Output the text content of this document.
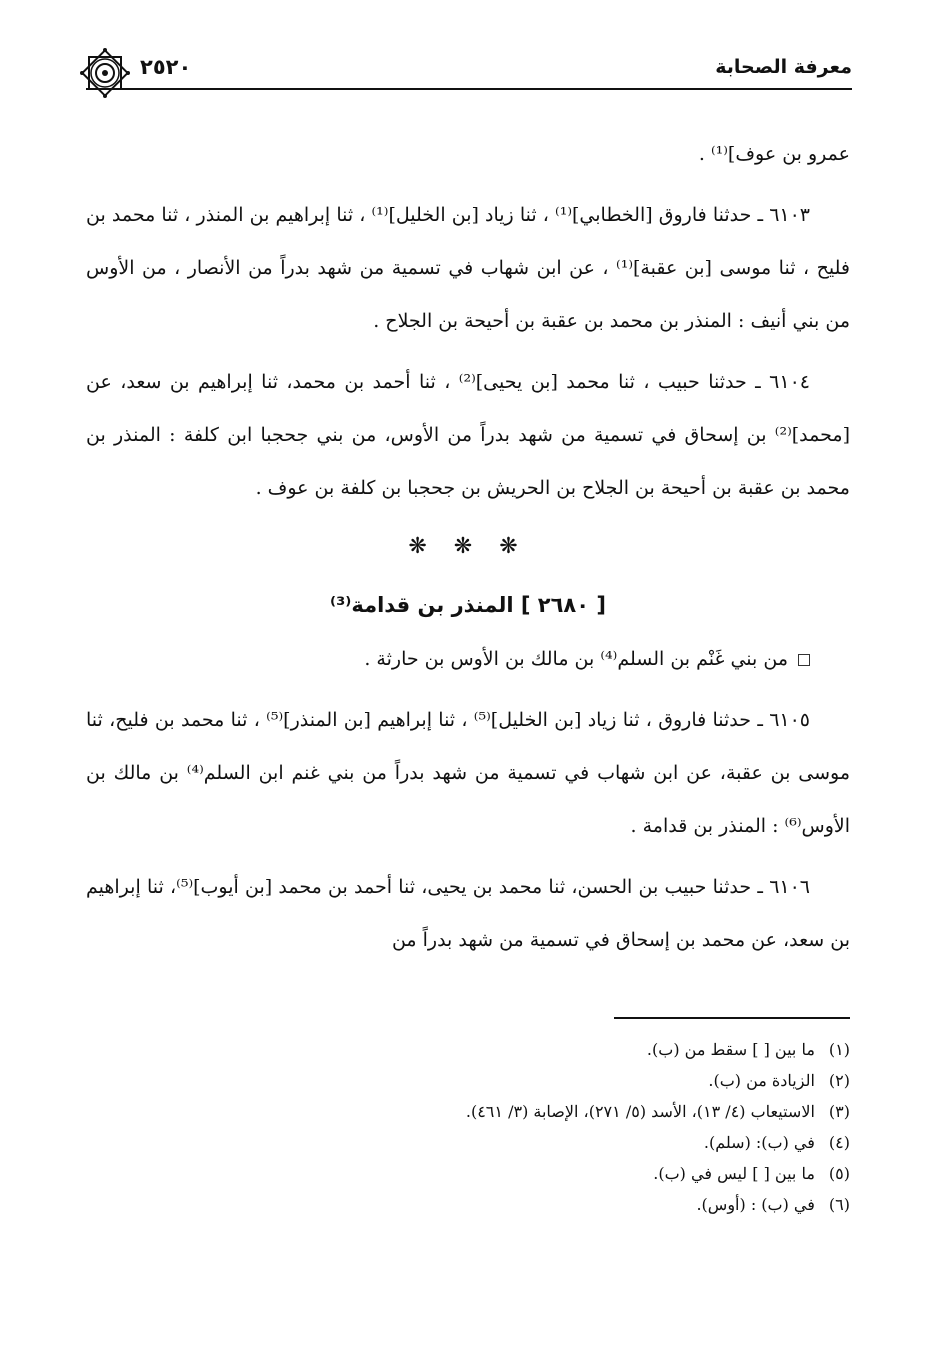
معرفة الصحابة
٢٥٢٠

عمرو بن عوف]⁽¹⁾ .

٦١٠٣ ـ حدثنا فاروق [الخطابي]⁽¹⁾ ، ثنا زياد [بن الخليل]⁽¹⁾ ، ثنا إبراهيم بن المنذر ، ثنا محمد بن فليح ، ثنا موسى [بن عقبة]⁽¹⁾ ، عن ابن شهاب في تسمية من شهد بدراً من الأنصار ، من الأوس من بني أنيف : المنذر بن محمد بن عقبة بن أحيحة بن الجلاح .

٦١٠٤ ـ حدثنا حبيب ، ثنا محمد [بن يحيى]⁽²⁾ ، ثنا أحمد بن محمد، ثنا إبراهيم بن سعد، عن [محمد]⁽²⁾ بن إسحاق في تسمية من شهد بدراً من الأوس، من بني جحجبا ابن كلفة : المنذر بن محمد بن عقبة بن أحيحة بن الجلاح بن الحريش بن جحجبا بن كلفة بن عوف .

❋ ❋ ❋

[ ٢٦٨٠ ] المنذر بن قدامة⁽³⁾

من بني غَنْم بن السلم⁽⁴⁾ بن مالك بن الأوس بن حارثة .

٦١٠٥ ـ حدثنا فاروق ، ثنا زياد [بن الخليل]⁽⁵⁾ ، ثنا إبراهيم [بن المنذر]⁽⁵⁾ ، ثنا محمد بن فليح، ثنا موسى بن عقبة، عن ابن شهاب في تسمية من شهد بدراً من بني غنم ابن السلم⁽⁴⁾ بن مالك بن الأوس⁽⁶⁾ : المنذر بن قدامة .

٦١٠٦ ـ حدثنا حبيب بن الحسن، ثنا محمد بن يحيى، ثنا أحمد بن محمد [بن أيوب]⁽⁵⁾، ثنا إبراهيم بن سعد، عن محمد بن إسحاق في تسمية من شهد بدراً من

(١)ما بين [ ] سقط من (ب).

(٢)الزيادة من (ب).

(٣)الاستيعاب (٤/ ١٣)، الأسد (٥/ ٢٧١)، الإصابة (٣/ ٤٦١).

(٤)في (ب): (سلم).

(٥)ما بين [ ] ليس في (ب).

(٦)في (ب) : (أوس).
